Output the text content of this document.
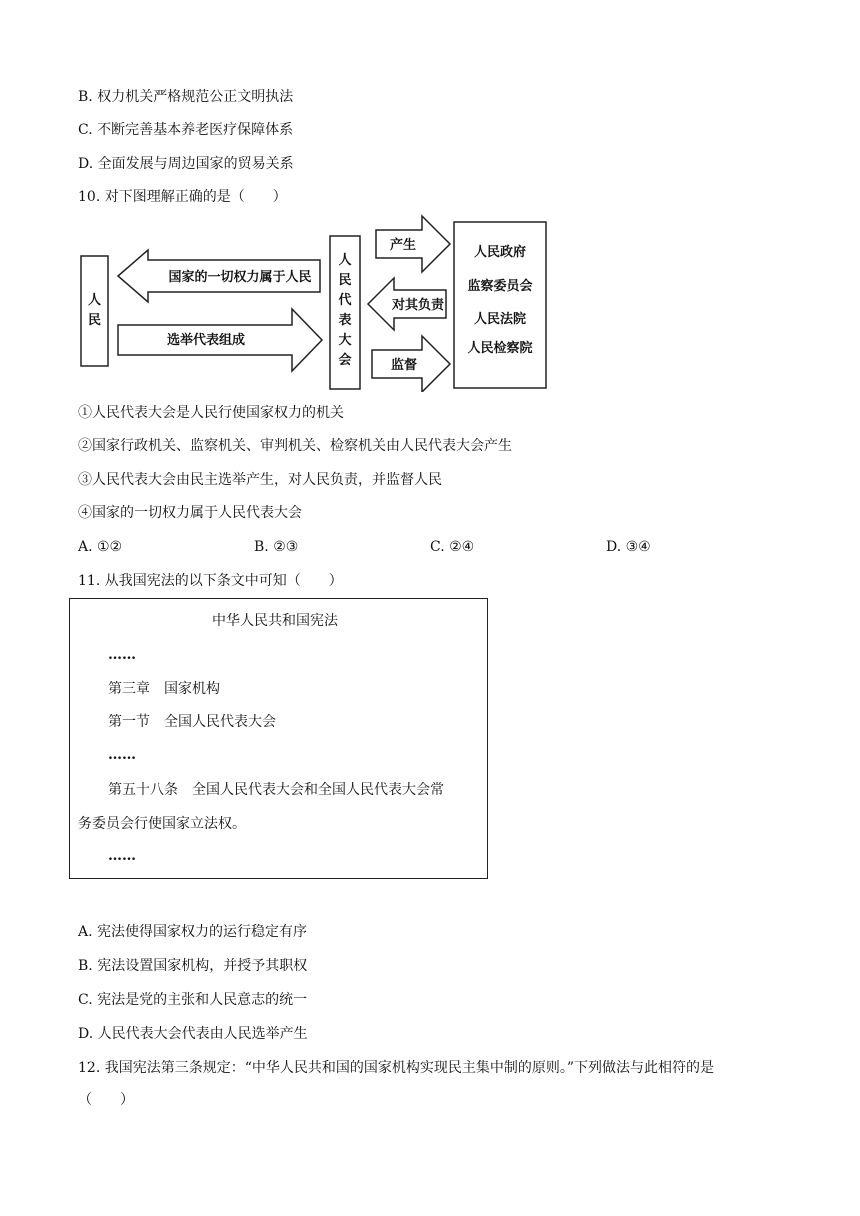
B. 权力机关严格规范公正文明执法
C. 不断完善基本养老医疗保障体系
D. 全面发展与周边国家的贸易关系
10. 对下图理解正确的是（　　）
人
民
国家的一切权力属于人民
选举代表组成
人
民
代
表
大
会
产生
对其负责
监督
人民政府
监察委员会
人民法院
人民检察院
①人民代表大会是人民行使国家权力的机关
②国家行政机关、监察机关、审判机关、检察机关由人民代表大会产生
③人民代表大会由民主选举产生，对人民负责，并监督人民
④国家的一切权力属于人民代表大会
A. ①②	B. ②③	C. ②④	D. ③④
11. 从我国宪法的以下条文中可知（　　）
中华人民共和国宪法
……
第三章　国家机构
第一节　全国人民代表大会
……
第五十八条　全国人民代表大会和全国人民代表大会常
务委员会行使国家立法权。
……
A. 宪法使得国家权力的运行稳定有序
B. 宪法设置国家机构，并授予其职权
C. 宪法是党的主张和人民意志的统一
D. 人民代表大会代表由人民选举产生
12. 我国宪法第三条规定：“中华人民共和国的国家机构实现民主集中制的原则。”下列做法与此相符的是
（　　）
